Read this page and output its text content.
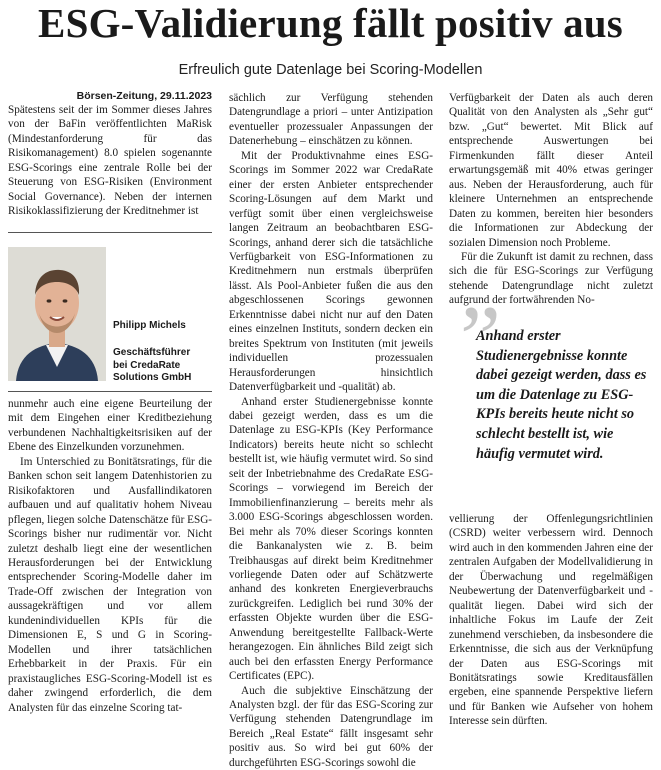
ESG-Validierung fällt positiv aus
Erfreulich gute Datenlage bei Scoring-Modellen
Börsen-Zeitung, 29.11.2023

Spätestens seit der im Sommer dieses Jahres von der BaFin veröffentlichten MaRisk (Mindestanforderung für das Risikomanagement) 8.0 spielen sogenannte ESG-Scorings eine zentrale Rolle bei der Steuerung von ESG-Risiken (Environment Social Governance). Neben der internen Risikoklassifizierung der Kreditnehmer ist

Philipp Michels
Geschäftsführer
bei CredaRate
Solutions GmbH

nunmehr auch eine eigene Beurteilung der mit dem Eingehen einer Kreditbeziehung verbundenen Nachhaltigkeitsrisiken auf der Ebene des Einzelkunden vorzunehmen.

Im Unterschied zu Bonitätsratings, für die Banken schon seit langem Datenhistorien zu Risikofaktoren und Ausfallindikatoren aufbauen und auf qualitativ hohem Niveau pflegen, liegen solche Datenschätze für ESG-Scorings bisher nur rudimentär vor. Nicht zuletzt deshalb liegt eine der wesentlichen Herausforderungen bei der Entwicklung entsprechender Scoring-Modelle daher im Trade-Off zwischen der Integration von aussagekräftigen und vor allem kundenindividuellen KPIs für die Dimensionen E, S und G in Scoring-Modellen und ihrer tatsächlichen Erhebbarkeit in der Praxis. Für ein praxistaugliches ESG-Scoring-Modell ist es daher zwingend erforderlich, die dem Analysten für das einzelne Scoring tat-

sächlich zur Verfügung stehenden Datengrundlage a priori – unter Antizipation eventueller prozessualer Anpassungen der Datenerhebung – einschätzen zu können.

Mit der Produktivnahme eines ESG-Scorings im Sommer 2022 war CredaRate einer der ersten Anbieter entsprechender Scoring-Lösungen auf dem Markt und verfügt somit über einen vergleichsweise langen Zeitraum an beobachtbaren ESG-Scorings, anhand derer sich die tatsächliche Verfügbarkeit von ESG-Informationen zu Kreditnehmern nun erstmals überprüfen lässt. Als Pool-Anbieter fußen die aus den abgeschlossenen Scorings gewonnen Erkenntnisse dabei nicht nur auf den Daten eines einzelnen Instituts, sondern decken ein breites Spektrum von Instituten (mit jeweils individuellen prozessualen Herausforderungen hinsichtlich Datenverfügbarkeit und -qualität) ab.

Anhand erster Studienergebnisse konnte dabei gezeigt werden, dass es um die Datenlage zu ESG-KPIs (Key Performance Indicators) bereits heute nicht so schlecht bestellt ist, wie häufig vermutet wird. So sind seit der Inbetriebnahme des CredaRate ESG-Scorings – vorwiegend im Bereich der Immobilienfinanzierung – bereits mehr als 3.000 ESG-Scorings abgeschlossen worden. Bei mehr als 70% dieser Scorings konnten die Bankanalysten wie z. B. beim Treibhausgas auf direkt beim Kreditnehmer vorliegende Daten oder auf Schätzwerte anhand des konkreten Energieverbrauchs zurückgreifen. Lediglich bei rund 30% der erfassten Objekte wurden über die ESG-Anwendung bereitgestellte Fallback-Werte herangezogen. Ein ähnliches Bild zeigt sich auch bei den erfassten Energy Performance Certificates (EPC).

Auch die subjektive Einschätzung der Analysten bzgl. der für das ESG-Scoring zur Verfügung stehenden Datengrundlage im Bereich „Real Estate“ fällt insgesamt sehr positiv aus. So wird bei gut 60% der durchgeführten ESG-Scorings sowohl die

Verfügbarkeit der Daten als auch deren Qualität von den Analysten als „Sehr gut“ bzw. „Gut“ bewertet. Mit Blick auf entsprechende Auswertungen bei Firmenkunden fällt dieser Anteil erwartungsgemäß mit 40% etwas geringer aus. Neben der Herausforderung, auch für kleinere Unternehmen an entsprechende Daten zu kommen, bereiten hier besonders die Informationen zur Abdeckung der sozialen Dimension noch Probleme.

Für die Zukunft ist damit zu rechnen, dass sich die für ESG-Scorings zur Verfügung stehende Datengrundlage nicht zuletzt aufgrund der fortwährenden No-

”
Anhand erster Studienergebnisse konnte dabei gezeigt werden, dass es um die Datenlage zu ESG-KPIs bereits heute nicht so schlecht bestellt ist, wie häufig vermutet wird.

vellierung der Offenlegungsrichtlinien (CSRD) weiter verbessern wird. Dennoch wird auch in den kommenden Jahren eine der zentralen Aufgaben der Modellvalidierung in der Überwachung und regelmäßigen Neubewertung der Datenverfügbarkeit und -qualität liegen. Dabei wird sich der inhaltliche Fokus im Laufe der Zeit zunehmend verschieben, da insbesondere die Erkenntnisse, die sich aus der Verknüpfung der Daten aus ESG-Scorings mit Bonitätsratings sowie Kreditausfällen ergeben, eine spannende Perspektive liefern und für Banken wie Aufseher von hohem Interesse sein dürften.
